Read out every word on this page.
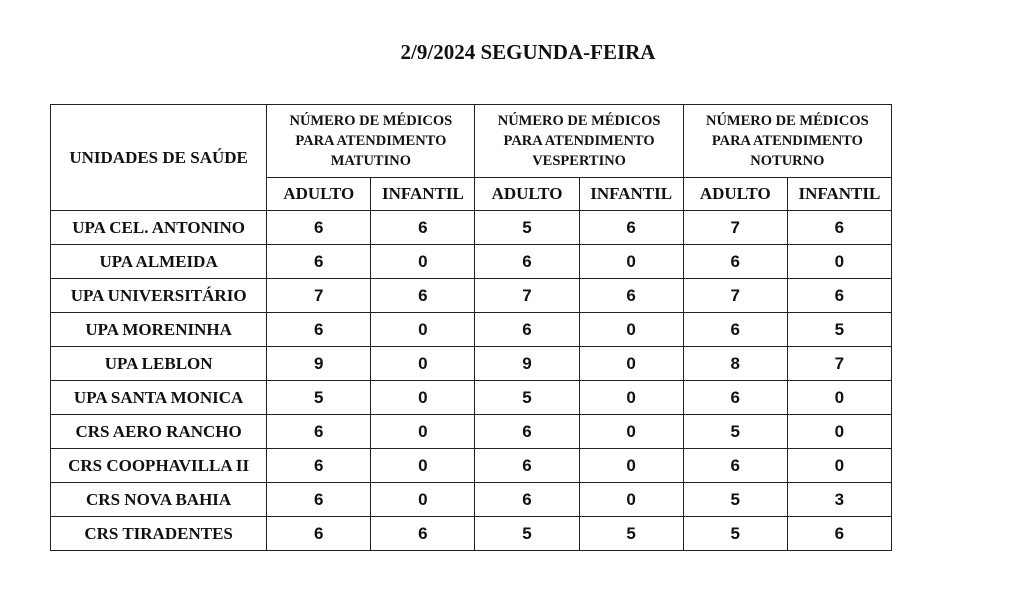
2/9/2024 SEGUNDA-FEIRA
UNIDADES DE SAÚDE	NÚMERO DE MÉDICOS
PARA ATENDIMENTO
MATUTINO		NÚMERO DE MÉDICOS
PARA ATENDIMENTO
VESPERTINO		NÚMERO DE MÉDICOS
PARA ATENDIMENTO
NOTURNO	
	ADULTO	INFANTIL	ADULTO	INFANTIL	ADULTO	INFANTIL
UPA CEL. ANTONINO	6	6	5	6	7	6
UPA ALMEIDA	6	0	6	0	6	0
UPA UNIVERSITÁRIO	7	6	7	6	7	6
UPA MORENINHA	6	0	6	0	6	5
UPA LEBLON	9	0	9	0	8	7
UPA SANTA MONICA	5	0	5	0	6	0
CRS AERO RANCHO	6	0	6	0	5	0
CRS COOPHAVILLA II	6	0	6	0	6	0
CRS NOVA BAHIA	6	0	6	0	5	3
CRS TIRADENTES	6	6	5	5	5	6
